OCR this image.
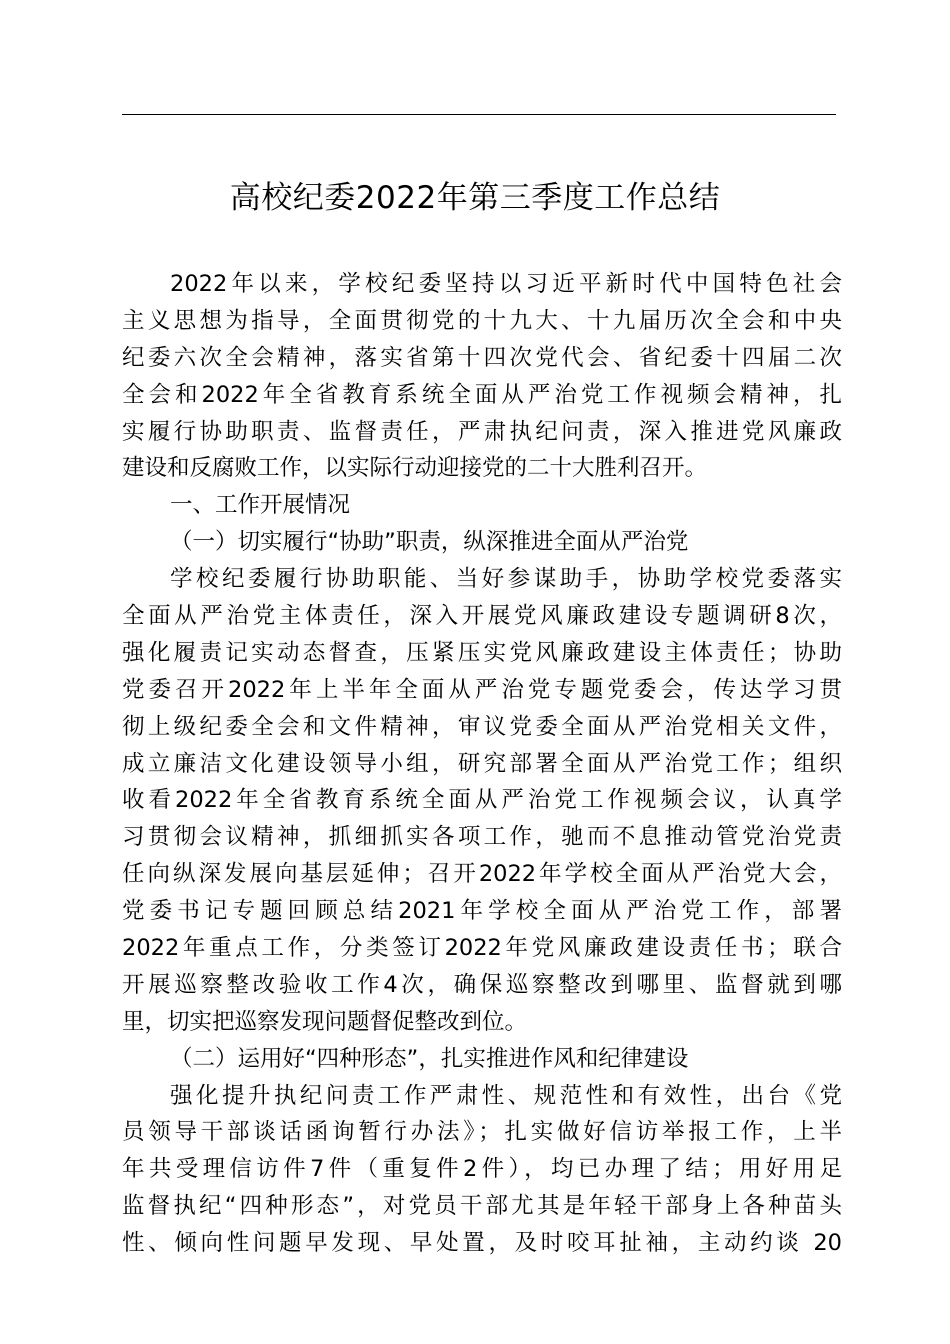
高校纪委2022年第三季度工作总结
2022年以来，学校纪委坚持以习近平新时代中国特色社会
主义思想为指导，全面贯彻党的十九大、十九届历次全会和中央
纪委六次全会精神，落实省第十四次党代会、省纪委十四届二次
全会和2022年全省教育系统全面从严治党工作视频会精神，扎
实履行协助职责、监督责任，严肃执纪问责，深入推进党风廉政
建设和反腐败工作，以实际行动迎接党的二十大胜利召开。
一、工作开展情况
（一）切实履行“协助”职责，纵深推进全面从严治党
学校纪委履行协助职能、当好参谋助手，协助学校党委落实
全面从严治党主体责任，深入开展党风廉政建设专题调研8次，
强化履责记实动态督查，压紧压实党风廉政建设主体责任；协助
党委召开2022年上半年全面从严治党专题党委会，传达学习贯
彻上级纪委全会和文件精神，审议党委全面从严治党相关文件，
成立廉洁文化建设领导小组，研究部署全面从严治党工作；组织
收看2022年全省教育系统全面从严治党工作视频会议，认真学
习贯彻会议精神，抓细抓实各项工作，驰而不息推动管党治党责
任向纵深发展向基层延伸；召开2022年学校全面从严治党大会，
党委书记专题回顾总结2021年学校全面从严治党工作，部署
2022年重点工作，分类签订2022年党风廉政建设责任书；联合
开展巡察整改验收工作4次，确保巡察整改到哪里、监督就到哪
里，切实把巡察发现问题督促整改到位。
（二）运用好“四种形态”，扎实推进作风和纪律建设
强化提升执纪问责工作严肃性、规范性和有效性，出台《党
员领导干部谈话函询暂行办法》；扎实做好信访举报工作，上半
年共受理信访件7件（重复件2件），均已办理了结；用好用足
监督执纪“四种形态”，对党员干部尤其是年轻干部身上各种苗头
性、倾向性问题早发现、早处置，及时咬耳扯袖，主动约谈 20
